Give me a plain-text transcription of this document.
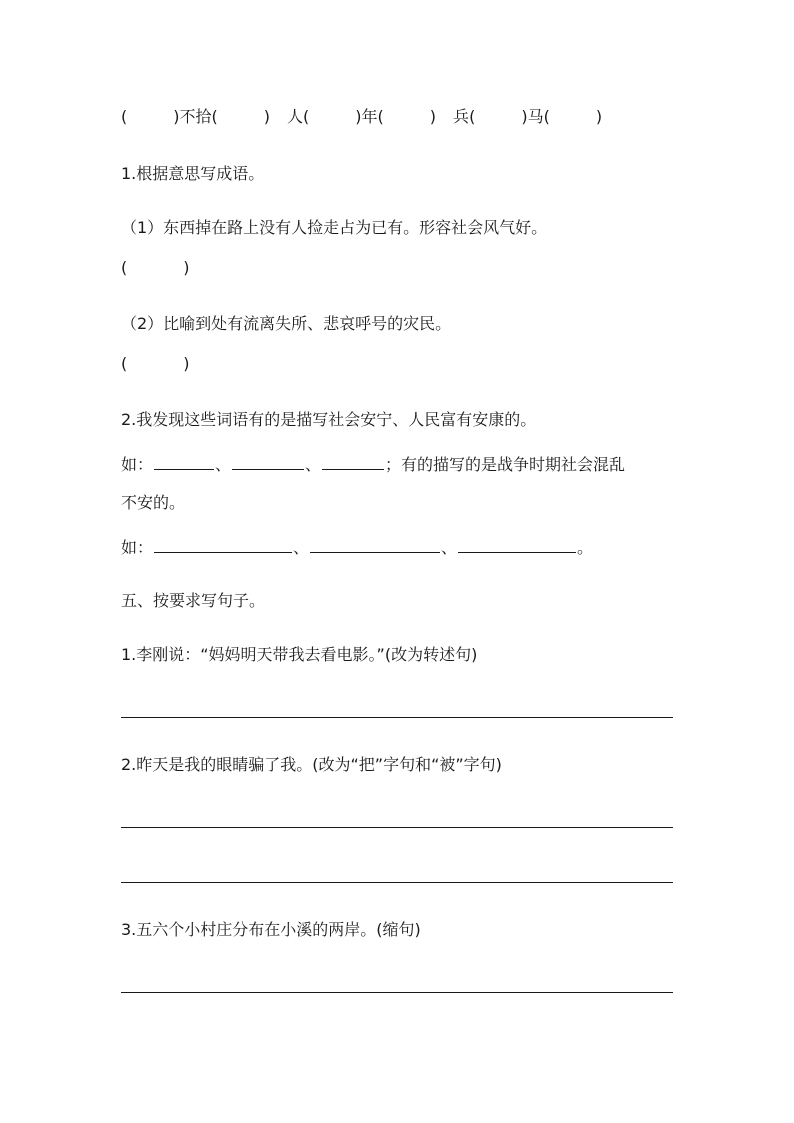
(	) 不拾 (	) 人 (	) 年 (	) 兵 (	) 马 (	)
1.根据意思写成语。
（1）东西掉在路上没有人捡走占为已有。形容社会风气好。
(	)
（2）比喻到处有流离失所、悲哀呼号的灾民。
(	)
2.我发现这些词语有的是描写社会安宁、人民富有安康的。
如：	、	、	；有的描写的是战争时期社会混乱
不安的。
如：	、	、	。
五、按要求写句子。
1.李刚说：“妈妈明天带我去看电影。”(改为转述句)
2.昨天是我的眼睛骗了我。(改为“把”字句和“被”字句)
3.五六个小村庄分布在小溪的两岸。(缩句)
